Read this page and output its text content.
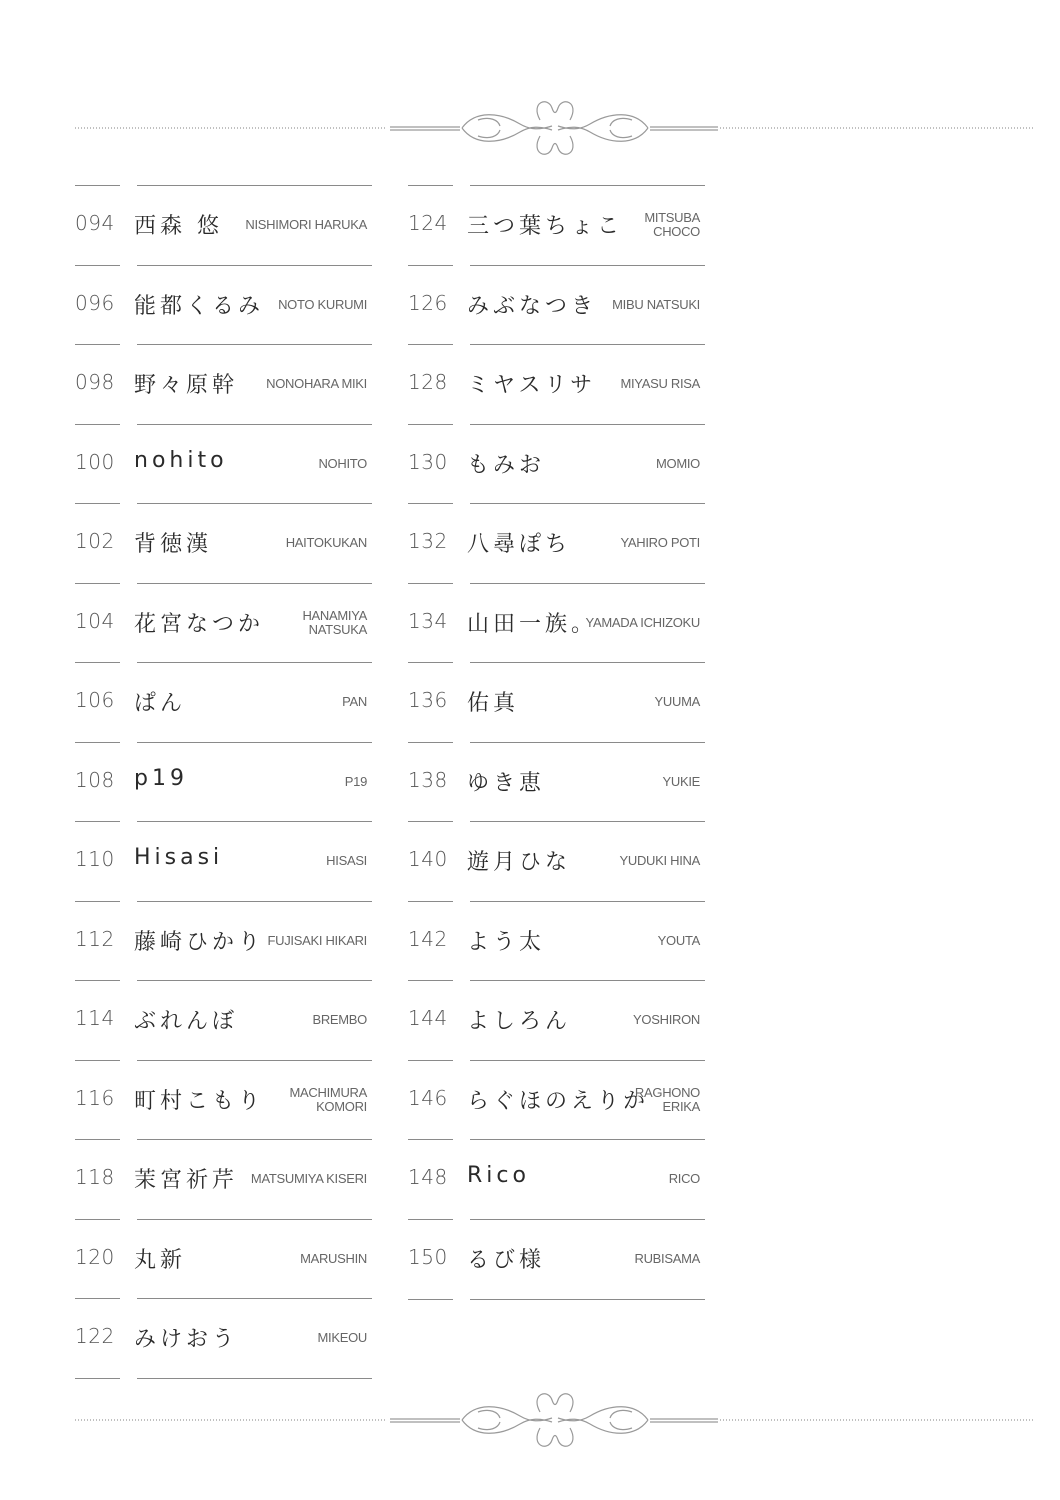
094 西森 悠 NISHIMORI HARUKA
096 能都くるみ NOTO KURUMI
098 野々原幹 NONOHARA MIKI
100 nohito	NOHITO
102 背徳漢	HAITOKUKAN
104 花宮なつか	HANAMIYA
NATSUKA
106 ぱん	PAN
108 p19	P19
110 Hisasi	HISASI
112 藤崎ひかり FUJISAKI HIKARI
114 ぶれんぼ	BREMBO
116 町村こもり MACHIMURA
KOMORI
118 茉宮祈芹 MATSUMIYA KISERI
120 丸新	MARUSHIN
122 みけおう	MIKEOU
124 三つ葉ちょこ MITSUBA
CHOCO
126 みぶなつき MIBU NATSUKI
128 ミヤスリサ MIYASU RISA
130 もみお	MOMIO
132 八尋ぽち	YAHIRO POTI
134 山田一族。
YAMADA ICHIZOKU
136 佑真	YUUMA
138 ゆき恵	YUKIE
140 遊月ひな	YUDUKI HINA
142 よう太	YOUTA
144 よしろん	YOSHIRON
146 らぐほのえりか
RAGHONO
ERIKA
148 Rico	RICO
150 るび様	RUBISAMA
